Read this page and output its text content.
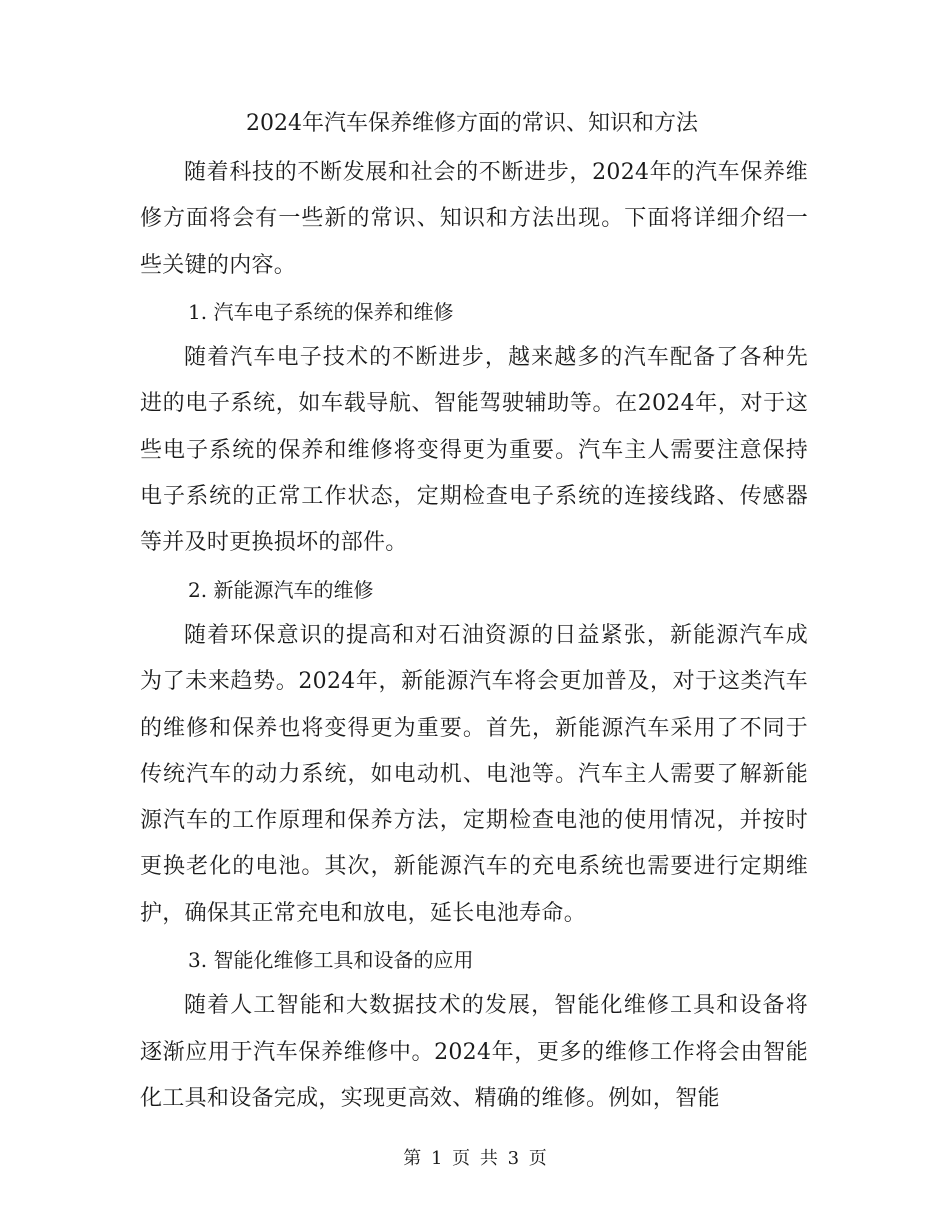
2024年汽车保养维修方面的常识、知识和方法

随着科技的不断发展和社会的不断进步，2024年的汽车保养维修方面将会有一些新的常识、知识和方法出现。下面将详细介绍一些关键的内容。

1. 汽车电子系统的保养和维修

随着汽车电子技术的不断进步，越来越多的汽车配备了各种先进的电子系统，如车载导航、智能驾驶辅助等。在2024年，对于这些电子系统的保养和维修将变得更为重要。汽车主人需要注意保持电子系统的正常工作状态，定期检查电子系统的连接线路、传感器等并及时更换损坏的部件。

2. 新能源汽车的维修

随着环保意识的提高和对石油资源的日益紧张，新能源汽车成为了未来趋势。2024年，新能源汽车将会更加普及，对于这类汽车的维修和保养也将变得更为重要。首先，新能源汽车采用了不同于传统汽车的动力系统，如电动机、电池等。汽车主人需要了解新能源汽车的工作原理和保养方法，定期检查电池的使用情况，并按时更换老化的电池。其次，新能源汽车的充电系统也需要进行定期维护，确保其正常充电和放电，延长电池寿命。

3. 智能化维修工具和设备的应用

随着人工智能和大数据技术的发展，智能化维修工具和设备将逐渐应用于汽车保养维修中。2024年，更多的维修工作将会由智能化工具和设备完成，实现更高效、精确的维修。例如，智能

第 1 页 共 3 页
